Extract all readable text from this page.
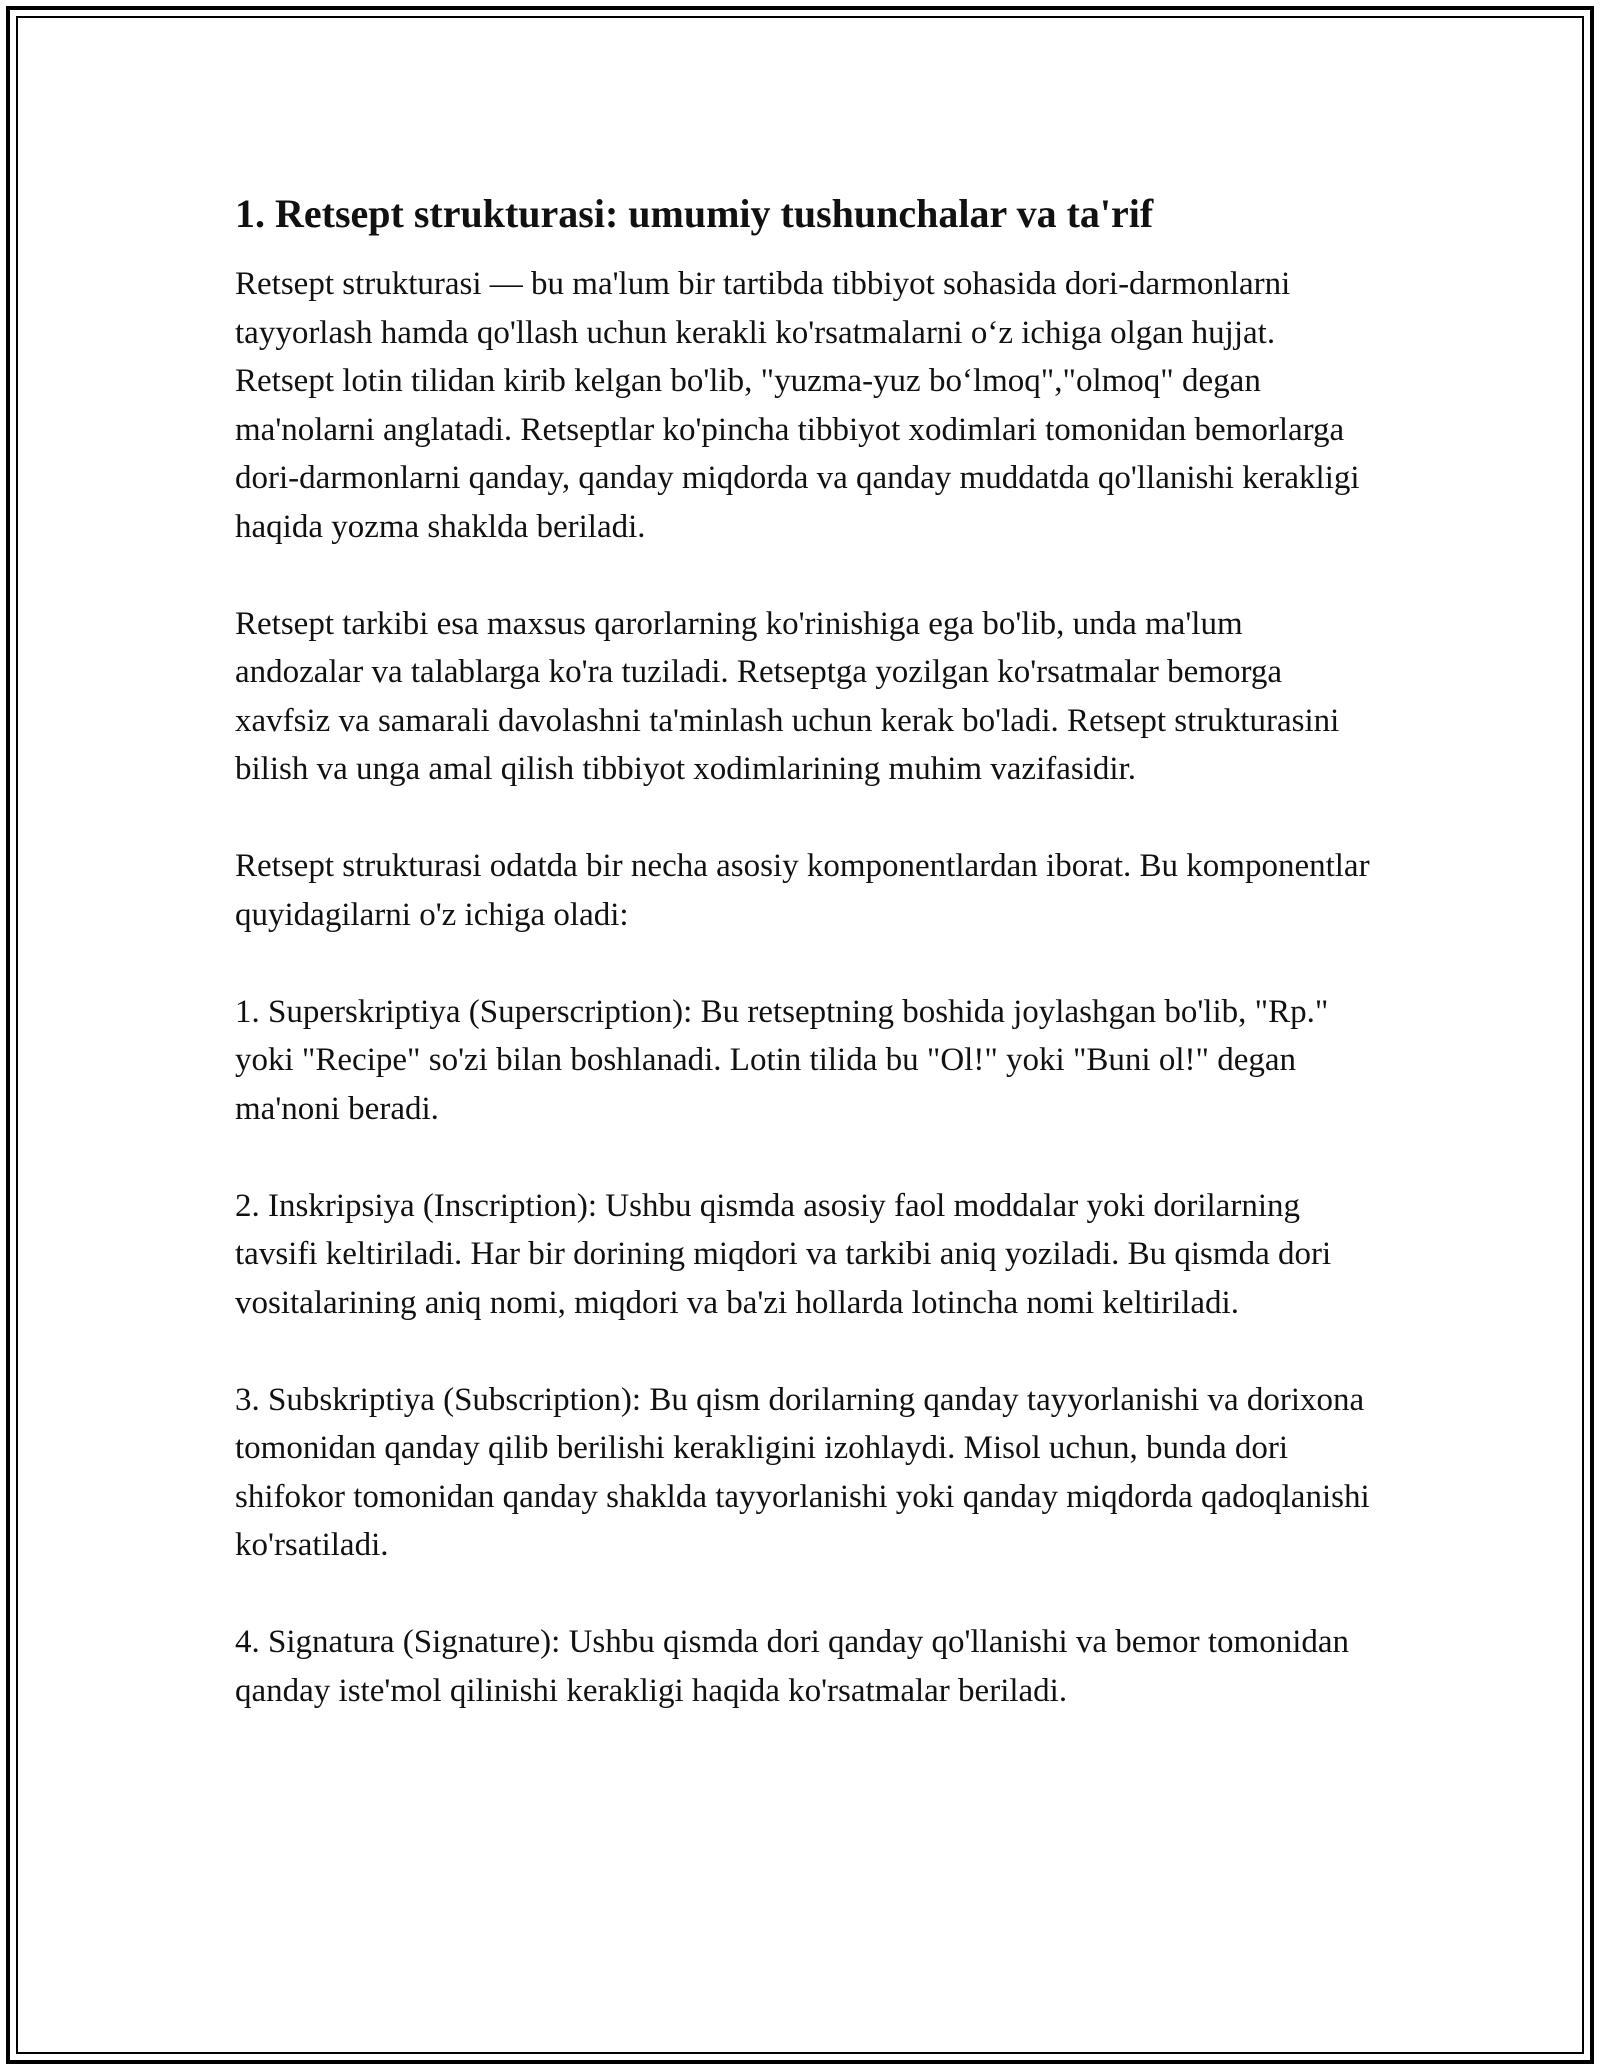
1. Retsept strukturasi: umumiy tushunchalar va ta'rif

Retsept strukturasi — bu ma'lum bir tartibda tibbiyot sohasida dori-darmonlarni tayyorlash hamda qo'llash uchun kerakli ko'rsatmalarni o‘z ichiga olgan hujjat. Retsept lotin tilidan kirib kelgan bo'lib, "yuzma-yuz bo‘lmoq","olmoq" degan ma'nolarni anglatadi. Retseptlar ko'pincha tibbiyot xodimlari tomonidan bemorlarga dori-darmonlarni qanday, qanday miqdorda va qanday muddatda qo'llanishi kerakligi haqida yozma shaklda beriladi.

Retsept tarkibi esa maxsus qarorlarning ko'rinishiga ega bo'lib, unda ma'lum andozalar va talablarga ko'ra tuziladi. Retseptga yozilgan ko'rsatmalar bemorga xavfsiz va samarali davolashni ta'minlash uchun kerak bo'ladi. Retsept strukturasini bilish va unga amal qilish tibbiyot xodimlarining muhim vazifasidir.

Retsept strukturasi odatda bir necha asosiy komponentlardan iborat. Bu komponentlar quyidagilarni o'z ichiga oladi:

1. Superskriptiya (Superscription): Bu retseptning boshida joylashgan bo'lib, "Rp." yoki "Recipe" so'zi bilan boshlanadi. Lotin tilida bu "Ol!" yoki "Buni ol!" degan ma'noni beradi.

2. Inskripsiya (Inscription): Ushbu qismda asosiy faol moddalar yoki dorilarning tavsifi keltiriladi. Har bir dorining miqdori va tarkibi aniq yoziladi. Bu qismda dori vositalarining aniq nomi, miqdori va ba'zi hollarda lotincha nomi keltiriladi.

3. Subskriptiya (Subscription): Bu qism dorilarning qanday tayyorlanishi va dorixona tomonidan qanday qilib berilishi kerakligini izohlaydi. Misol uchun, bunda dori shifokor tomonidan qanday shaklda tayyorlanishi yoki qanday miqdorda qadoqlanishi ko'rsatiladi.

4. Signatura (Signature): Ushbu qismda dori qanday qo'llanishi va bemor tomonidan qanday iste'mol qilinishi kerakligi haqida ko'rsatmalar beriladi.
